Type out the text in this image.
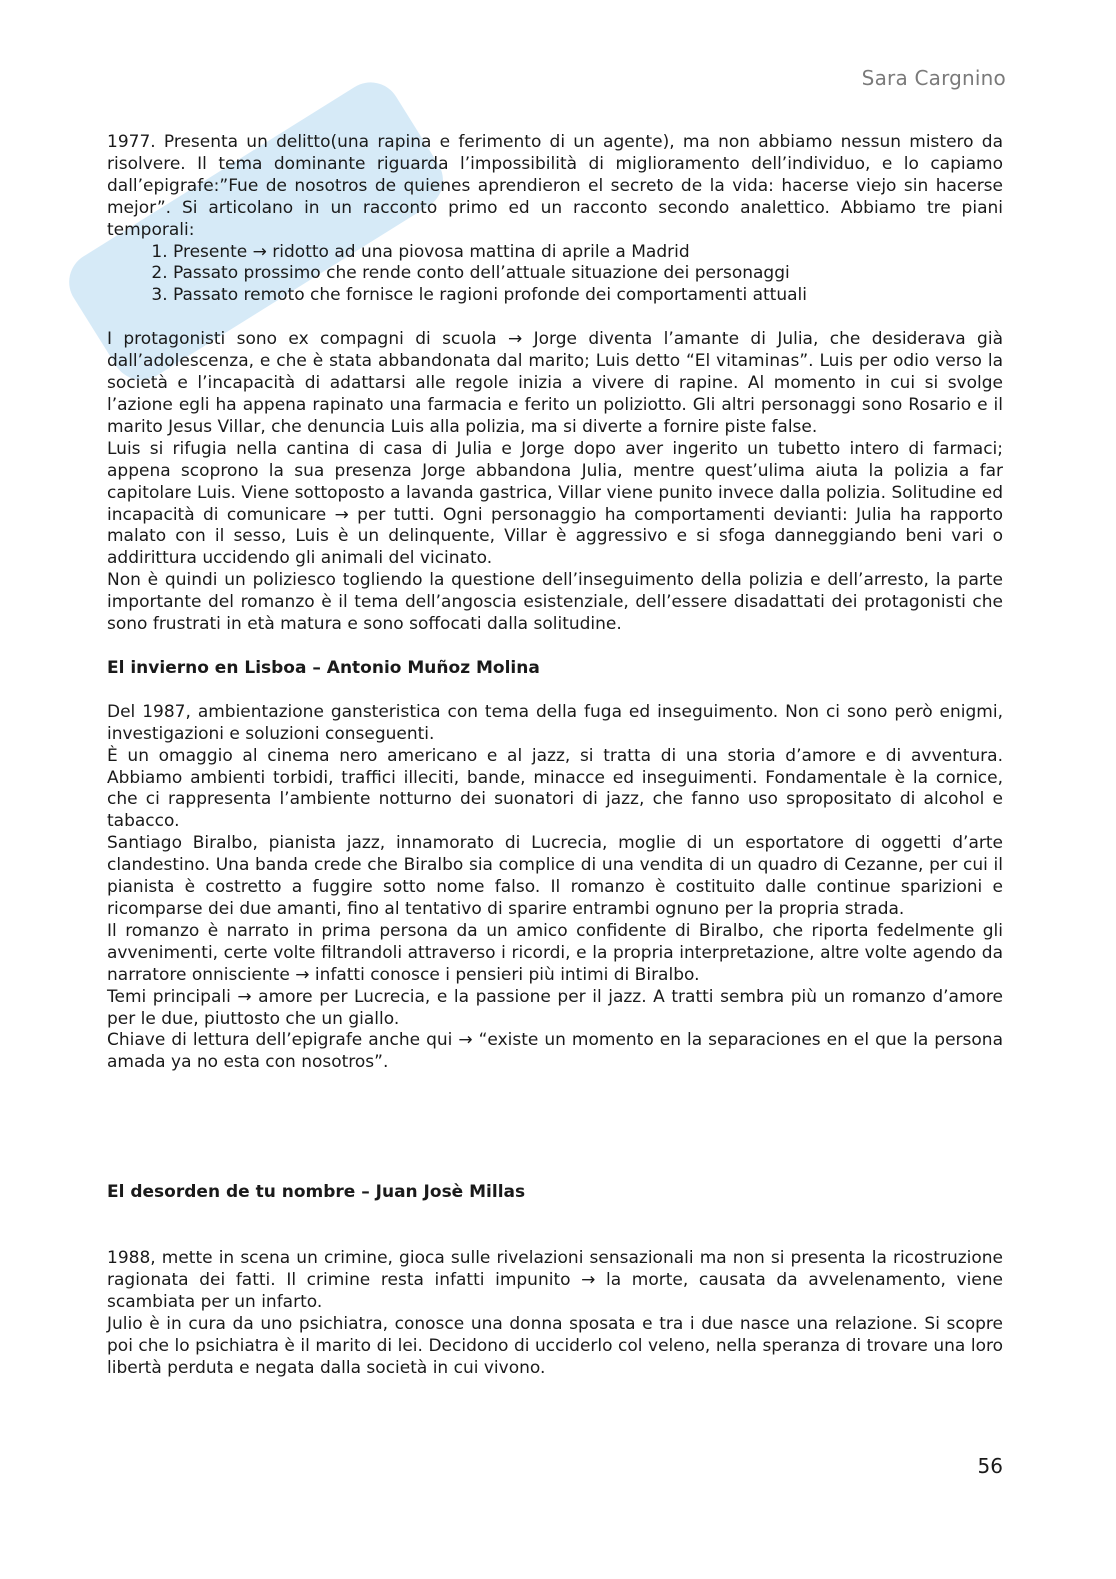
Sara Cargnino

1977. Presenta un delitto(una rapina e ferimento di un agente), ma non abbiamo nessun mistero da risolvere. Il tema dominante riguarda l’impossibilità di miglioramento dell’individuo, e lo capiamo dall’epigrafe:”Fue de nosotros de quienes aprendieron el secreto de la vida: hacerse viejo sin hacerse mejor”. Si articolano in un racconto primo ed un racconto secondo analettico. Abbiamo tre piani temporali:

1. Presente → ridotto ad una piovosa mattina di aprile a Madrid
2. Passato prossimo che rende conto dell’attuale situazione dei personaggi
3. Passato remoto che fornisce le ragioni profonde dei comportamenti attuali

I protagonisti sono ex compagni di scuola → Jorge diventa l’amante di Julia, che desiderava già dall’adolescenza, e che è stata abbandonata dal marito; Luis detto “El vitaminas”. Luis per odio verso la società e l’incapacità di adattarsi alle regole inizia a vivere di rapine. Al momento in cui si svolge l’azione egli ha appena rapinato una farmacia e ferito un poliziotto. Gli altri personaggi sono Rosario e il marito Jesus Villar, che denuncia Luis alla polizia, ma si diverte a fornire piste false.

Luis si rifugia nella cantina di casa di Julia e Jorge dopo aver ingerito un tubetto intero di farmaci; appena scoprono la sua presenza Jorge abbandona Julia, mentre quest’ulima aiuta la polizia a far capitolare Luis. Viene sottoposto a lavanda gastrica, Villar viene punito invece dalla polizia. Solitudine ed incapacità di comunicare → per tutti. Ogni personaggio ha comportamenti devianti: Julia ha rapporto malato con il sesso, Luis è un delinquente, Villar è aggressivo e si sfoga danneggiando beni vari o addirittura uccidendo gli animali del vicinato.

Non è quindi un poliziesco togliendo la questione dell’inseguimento della polizia e dell’arresto, la parte importante del romanzo è il tema dell’angoscia esistenziale, dell’essere disadattati dei protagonisti che sono frustrati in età matura e sono soffocati dalla solitudine.

El invierno en Lisboa – Antonio Muñoz Molina

Del 1987, ambientazione gansteristica con tema della fuga ed inseguimento. Non ci sono però enigmi, investigazioni e soluzioni conseguenti.

È un omaggio al cinema nero americano e al jazz, si tratta di una storia d’amore e di avventura. Abbiamo ambienti torbidi, traffici illeciti, bande, minacce ed inseguimenti. Fondamentale è la cornice, che ci rappresenta l’ambiente notturno dei suonatori di jazz, che fanno uso spropositato di alcohol e tabacco.

Santiago Biralbo, pianista jazz, innamorato di Lucrecia, moglie di un esportatore di oggetti d’arte clandestino. Una banda crede che Biralbo sia complice di una vendita di un quadro di Cezanne, per cui il pianista è costretto a fuggire sotto nome falso. Il romanzo è costituito dalle continue sparizioni e ricomparse dei due amanti, fino al tentativo di sparire entrambi ognuno per la propria strada.

Il romanzo è narrato in prima persona da un amico confidente di Biralbo, che riporta fedelmente gli avvenimenti, certe volte filtrandoli attraverso i ricordi, e la propria interpretazione, altre volte agendo da narratore onnisciente → infatti conosce i pensieri più intimi di Biralbo.

Temi principali → amore per Lucrecia, e la passione per il jazz. A tratti sembra più un romanzo d’amore per le due, piuttosto che un giallo.

Chiave di lettura dell’epigrafe anche qui → “existe un momento en la separaciones en el que la persona amada ya no esta con nosotros”.

El desorden de tu nombre – Juan Josè Millas

1988, mette in scena un crimine, gioca sulle rivelazioni sensazionali ma non si presenta la ricostruzione ragionata dei fatti. Il crimine resta infatti impunito → la morte, causata da avvelenamento, viene scambiata per un infarto.

Julio è in cura da uno psichiatra, conosce una donna sposata e tra i due nasce una relazione. Si scopre poi che lo psichiatra è il marito di lei. Decidono di ucciderlo col veleno, nella speranza di trovare una loro libertà perduta e negata dalla società in cui vivono.

56
